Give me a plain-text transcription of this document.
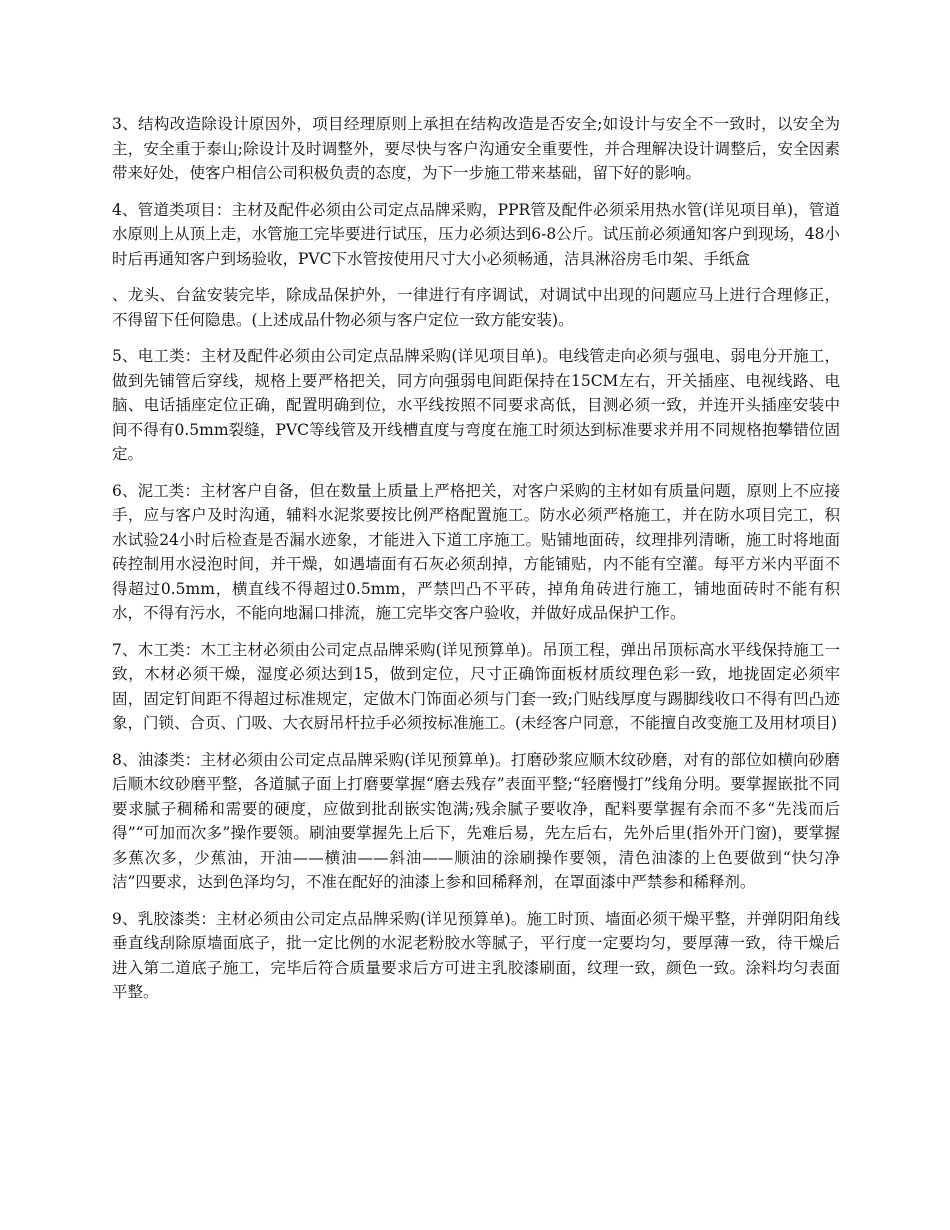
3、结构改造除设计原因外，项目经理原则上承担在结构改造是否安全;如设计与安全不一致时，以安全为主，安全重于泰山;除设计及时调整外，要尽快与客户沟通安全重要性，并合理解决设计调整后，安全因素带来好处，使客户相信公司积极负责的态度，为下一步施工带来基础，留下好的影响。

4、管道类项目：主材及配件必须由公司定点品牌采购，PPR管及配件必须采用热水管(详见项目单)，管道水原则上从顶上走，水管施工完毕要进行试压，压力必须达到6-8公斤。试压前必须通知客户到现场，48小时后再通知客户到场验收，PVC下水管按使用尺寸大小必须畅通，洁具淋浴房毛巾架、手纸盒

、龙头、台盆安装完毕，除成品保护外，一律进行有序调试，对调试中出现的问题应马上进行合理修正，不得留下任何隐患。(上述成品什物必须与客户定位一致方能安装)。

5、电工类：主材及配件必须由公司定点品牌采购(详见项目单)。电线管走向必须与强电、弱电分开施工，做到先铺管后穿线，规格上要严格把关，同方向强弱电间距保持在15CM左右，开关插座、电视线路、电脑、电话插座定位正确，配置明确到位，水平线按照不同要求高低，目测必须一致，并连开头插座安装中间不得有0.5mm裂缝，PVC等线管及开线槽直度与弯度在施工时须达到标准要求并用不同规格抱攀错位固定。

6、泥工类：主材客户自备，但在数量上质量上严格把关，对客户采购的主材如有质量问题，原则上不应接手，应与客户及时沟通，辅料水泥浆要按比例严格配置施工。防水必须严格施工，并在防水项目完工，积水试验24小时后检查是否漏水迹象，才能进入下道工序施工。贴铺地面砖，纹理排列清晰，施工时将地面砖控制用水浸泡时间，并干燥，如遇墙面有石灰必须刮掉，方能铺贴，内不能有空灌。每平方米内平面不得超过0.5mm，横直线不得超过0.5mm，严禁凹凸不平砖，掉角角砖进行施工，铺地面砖时不能有积水，不得有污水，不能向地漏口排流，施工完毕交客户验收，并做好成品保护工作。

7、木工类：木工主材必须由公司定点品牌采购(详见预算单)。吊顶工程，弹出吊顶标高水平线保持施工一致，木材必须干燥，湿度必须达到15，做到定位，尺寸正确饰面板材质纹理色彩一致，地拢固定必须牢固，固定钉间距不得超过标准规定，定做木门饰面必须与门套一致;门贴线厚度与踢脚线收口不得有凹凸迹象，门锁、合页、门吸、大衣厨吊杆拉手必须按标准施工。(未经客户同意，不能擅自改变施工及用材项目)

8、油漆类：主材必须由公司定点品牌采购(详见预算单)。打磨砂浆应顺木纹砂磨，对有的部位如横向砂磨后顺木纹砂磨平整，各道腻子面上打磨要掌握“磨去残存”表面平整;“轻磨慢打”线角分明。要掌握嵌批不同要求腻子稠稀和需要的硬度，应做到批刮嵌实饱满;残余腻子要收净，配料要掌握有余而不多“先浅而后得”“可加而次多”操作要领。刷油要掌握先上后下，先难后易，先左后右，先外后里(指外开门窗)，要掌握多蕉次多，少蕉油，开油——横油——斜油——顺油的涂刷操作要领，清色油漆的上色要做到“快匀净洁”四要求，达到色泽均匀，不准在配好的油漆上参和回稀释剂，在罩面漆中严禁参和稀释剂。

9、乳胶漆类：主材必须由公司定点品牌采购(详见预算单)。施工时顶、墙面必须干燥平整，并弹阴阳角线垂直线刮除原墙面底子，批一定比例的水泥老粉胶水等腻子，平行度一定要均匀，要厚薄一致，待干燥后进入第二道底子施工，完毕后符合质量要求后方可进主乳胶漆刷面，纹理一致，颜色一致。涂料均匀表面平整。
